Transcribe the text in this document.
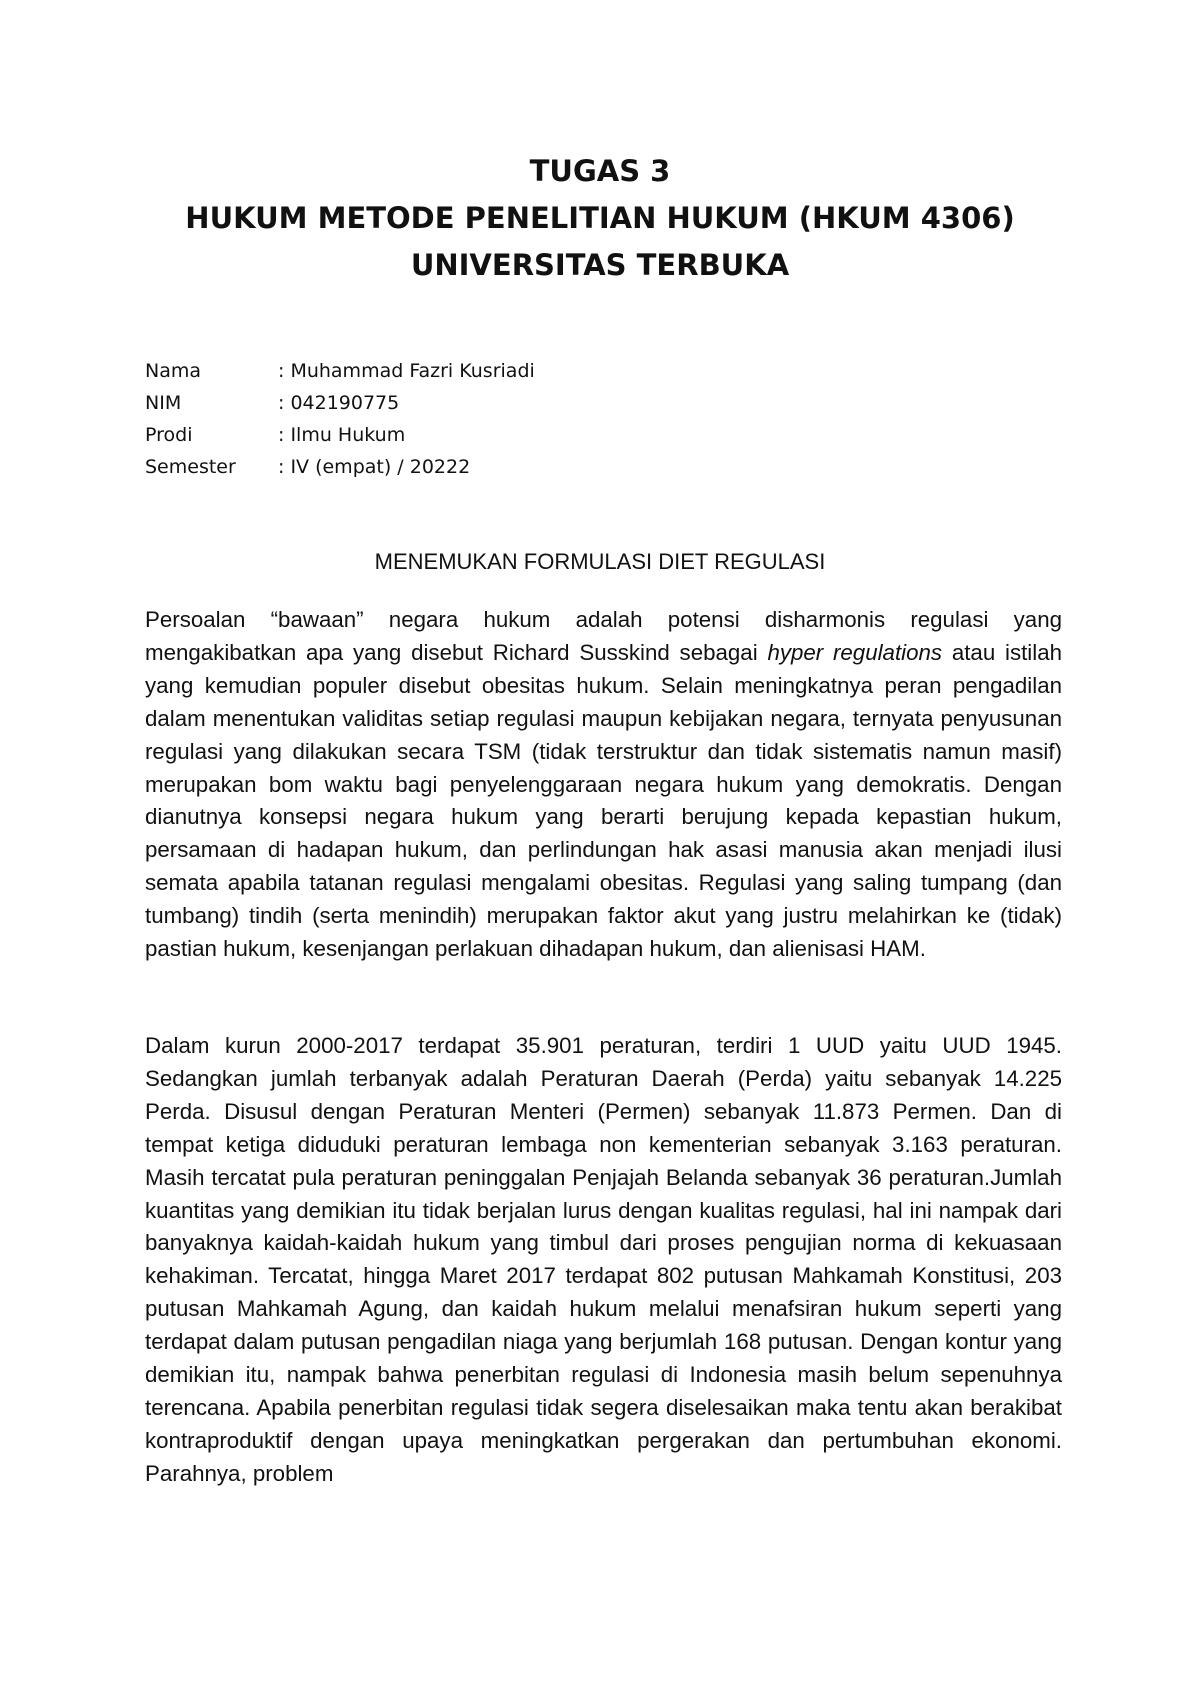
TUGAS 3
HUKUM METODE PENELITIAN HUKUM (HKUM 4306)
UNIVERSITAS TERBUKA
Nama	: Muhammad Fazri Kusriadi
NIM	: 042190775
Prodi	: Ilmu Hukum
Semester	: IV (empat) / 20222
MENEMUKAN FORMULASI DIET REGULASI
Persoalan “bawaan” negara hukum adalah potensi disharmonis regulasi yang mengakibatkan apa yang disebut Richard Susskind sebagai hyper regulations atau istilah yang kemudian populer disebut obesitas hukum. Selain meningkatnya peran pengadilan dalam menentukan validitas setiap regulasi maupun kebijakan negara, ternyata penyusunan regulasi yang dilakukan secara TSM (tidak terstruktur dan tidak sistematis namun masif) merupakan bom waktu bagi penyelenggaraan negara hukum yang demokratis. Dengan dianutnya konsepsi negara hukum yang berarti berujung kepada kepastian hukum, persamaan di hadapan hukum, dan perlindungan hak asasi manusia akan menjadi ilusi semata apabila tatanan regulasi mengalami obesitas. Regulasi yang saling tumpang (dan tumbang) tindih (serta menindih) merupakan faktor akut yang justru melahirkan ke (tidak) pastian hukum, kesenjangan perlakuan dihadapan hukum, dan alienisasi HAM.
Dalam kurun 2000-2017 terdapat 35.901 peraturan, terdiri 1 UUD yaitu UUD 1945. Sedangkan jumlah terbanyak adalah Peraturan Daerah (Perda) yaitu sebanyak 14.225 Perda. Disusul dengan Peraturan Menteri (Permen) sebanyak 11.873 Permen. Dan di tempat ketiga diduduki peraturan lembaga non kementerian sebanyak 3.163 peraturan. Masih tercatat pula peraturan peninggalan Penjajah Belanda sebanyak 36 peraturan.Jumlah kuantitas yang demikian itu tidak berjalan lurus dengan kualitas regulasi, hal ini nampak dari banyaknya kaidah-kaidah hukum yang timbul dari proses pengujian norma di kekuasaan kehakiman. Tercatat, hingga Maret 2017 terdapat 802 putusan Mahkamah Konstitusi, 203 putusan Mahkamah Agung, dan kaidah hukum melalui menafsiran hukum seperti yang terdapat dalam putusan pengadilan niaga yang berjumlah 168 putusan. Dengan kontur yang demikian itu, nampak bahwa penerbitan regulasi di Indonesia masih belum sepenuhnya terencana. Apabila penerbitan regulasi tidak segera diselesaikan maka tentu akan berakibat kontraproduktif dengan upaya meningkatkan pergerakan dan pertumbuhan ekonomi. Parahnya, problem
